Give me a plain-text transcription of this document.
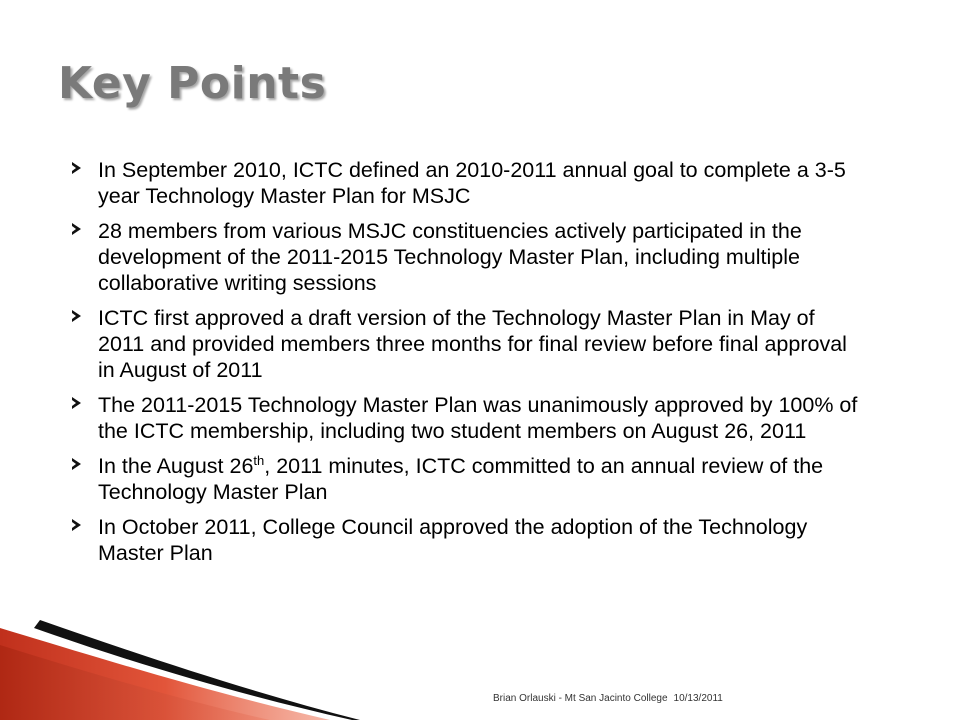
Key Points
In September 2010, ICTC defined an 2010-2011 annual goal to complete a 3-5 year Technology Master Plan for MSJC
28 members from various MSJC constituencies actively participated in the development of the 2011-2015 Technology Master Plan, including multiple collaborative writing sessions
ICTC first approved a draft version of the Technology Master Plan in May of 2011 and provided members three months for final review before final approval in August of 2011
The 2011-2015 Technology Master Plan was unanimously approved by 100% of the ICTC membership, including two student members on August 26, 2011
In the August 26th, 2011 minutes, ICTC committed to an annual review of the Technology Master Plan
In October 2011, College Council approved the adoption of the Technology Master Plan
Brian Orlauski - Mt San Jacinto College 10/13/2011
